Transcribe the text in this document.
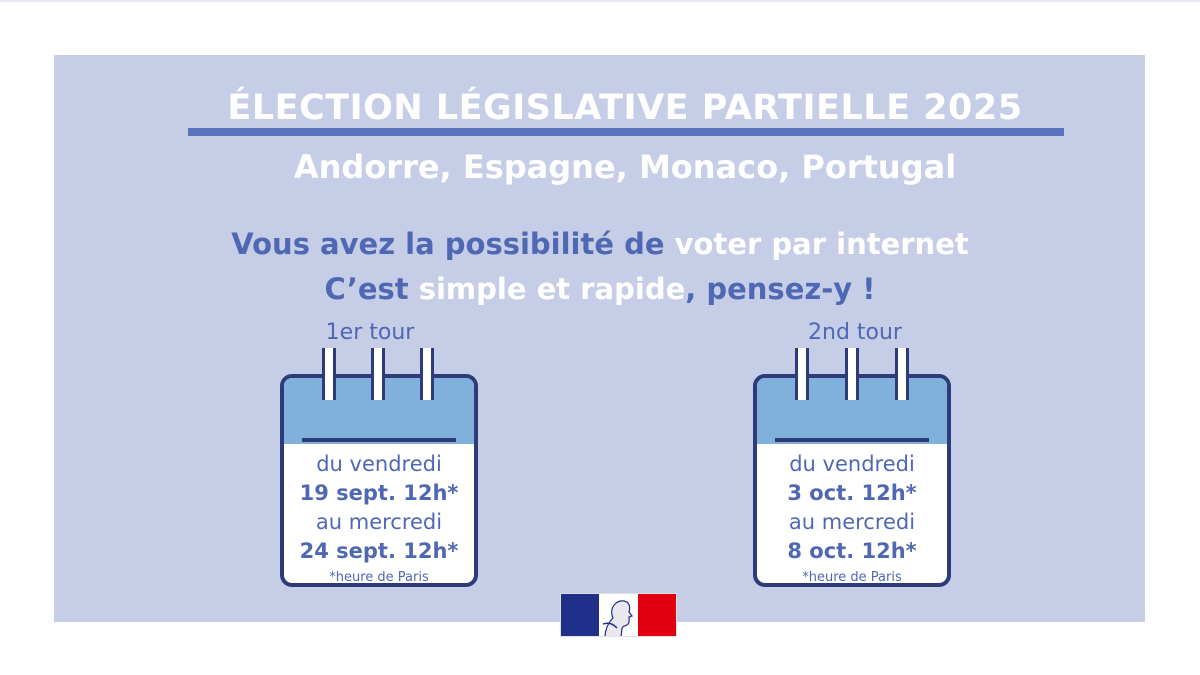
ÉLECTION LÉGISLATIVE PARTIELLE 2025
Andorre, Espagne, Monaco, Portugal
Vous avez la possibilité de voter par internet
C’est simple et rapide, pensez-y !
1er tour
du vendredi
19 sept. 12h*
au mercredi
24 sept. 12h*
*heure de Paris
2nd tour
du vendredi
3 oct. 12h*
au mercredi
8 oct. 12h*
*heure de Paris
